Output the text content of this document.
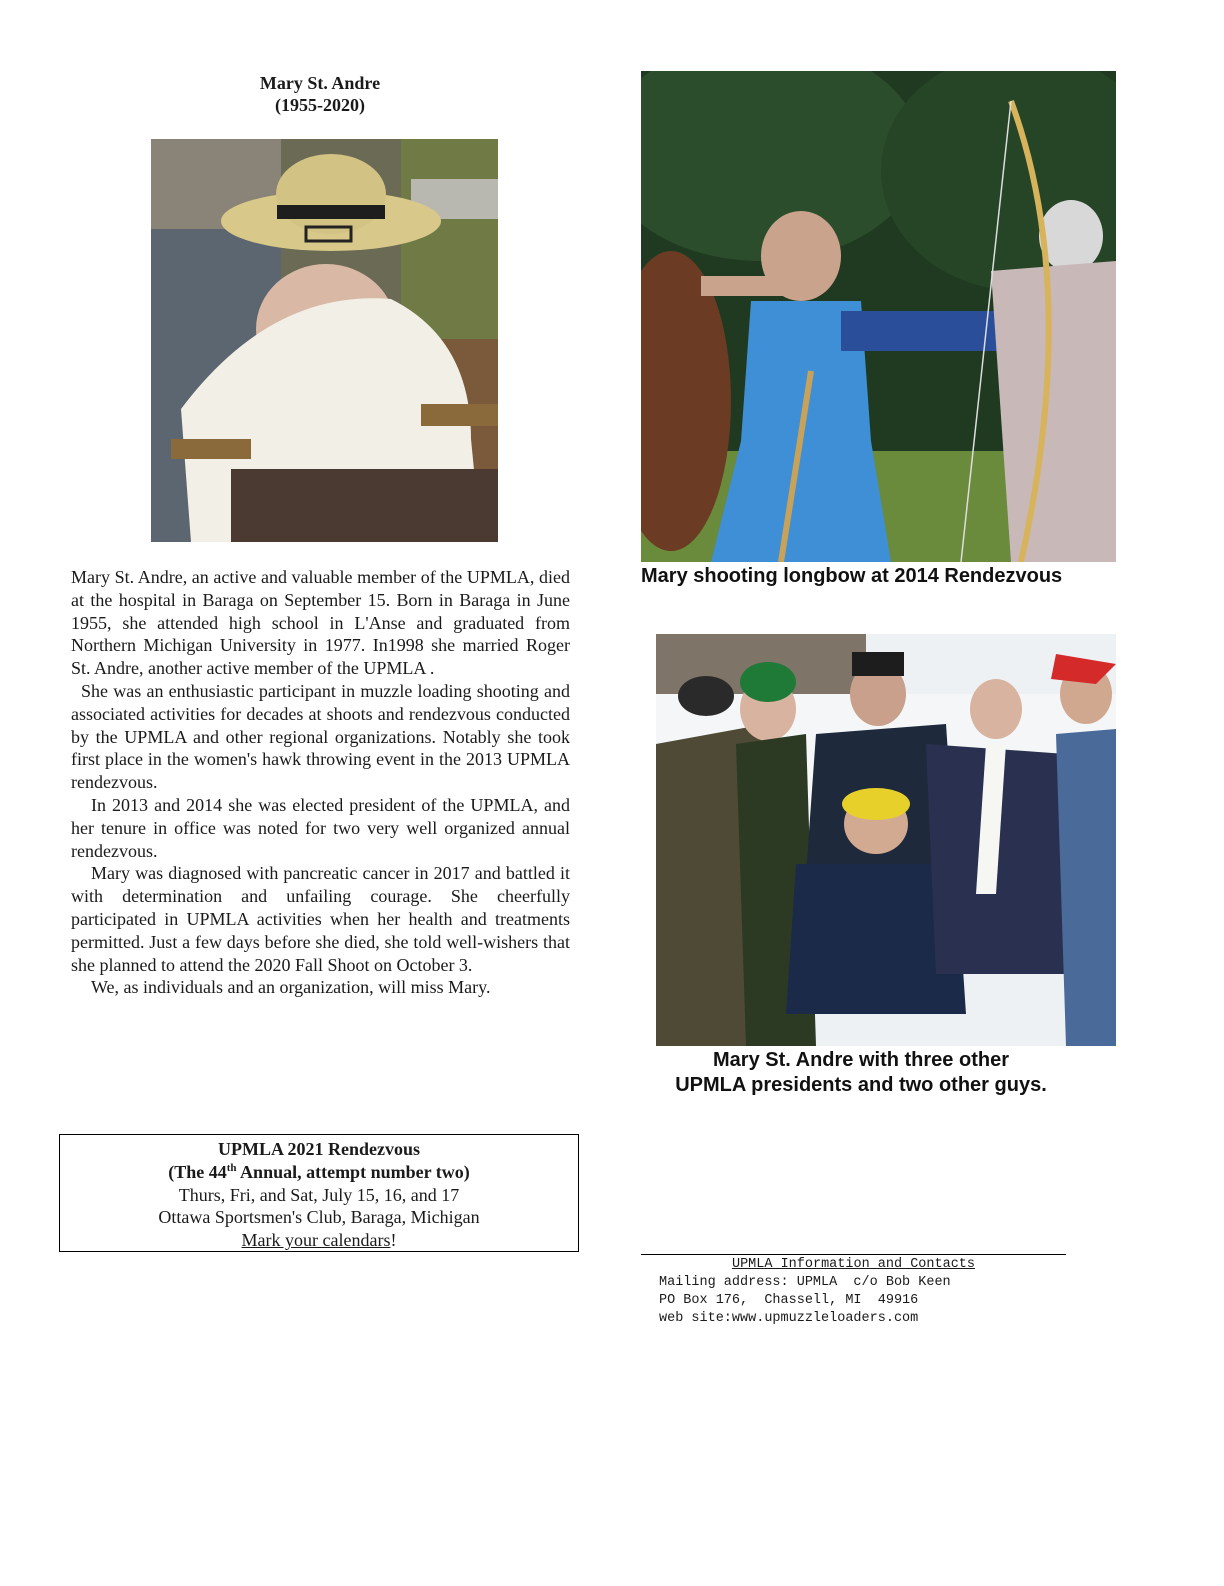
Mary St. Andre
(1955-2020)

Mary St. Andre, an active and valuable member of the UPMLA, died at the hospital in Baraga on September 15. Born in Baraga in June 1955, she attended high school in L'Anse and graduated from Northern Michigan University in 1977. In1998 she married Roger St. Andre, another active member of the UPMLA .

She was an enthusiastic participant in muzzle loading shooting and associated activities for decades at shoots and rendezvous conducted by the UPMLA and other regional organizations. Notably she took first place in the women's hawk throwing event in the 2013 UPMLA rendezvous.

In 2013 and 2014 she was elected president of the UPMLA, and her tenure in office was noted for two very well organized annual rendezvous.

Mary was diagnosed with pancreatic cancer in 2017 and battled it with determination and unfailing courage. She cheerfully participated in UPMLA activities when her health and treatments permitted. Just a few days before she died, she told well-wishers that she planned to attend the 2020 Fall Shoot on October 3.

We, as individuals and an organization, will miss Mary.

Mary shooting longbow at 2014 Rendezvous
Mary St. Andre with three other
UPMLA presidents and two other guys.
UPMLA 2021 Rendezvous
(The 44th Annual, attempt number two)
Thurs, Fri, and Sat, July 15, 16, and 17
Ottawa Sportsmen's Club, Baraga, Michigan
Mark your calendars!
UPMLA Information and Contacts
Mailing address: UPMLA  c/o Bob Keen
PO Box 176,  Chassell, MI  49916
web site:www.upmuzzleloaders.com
